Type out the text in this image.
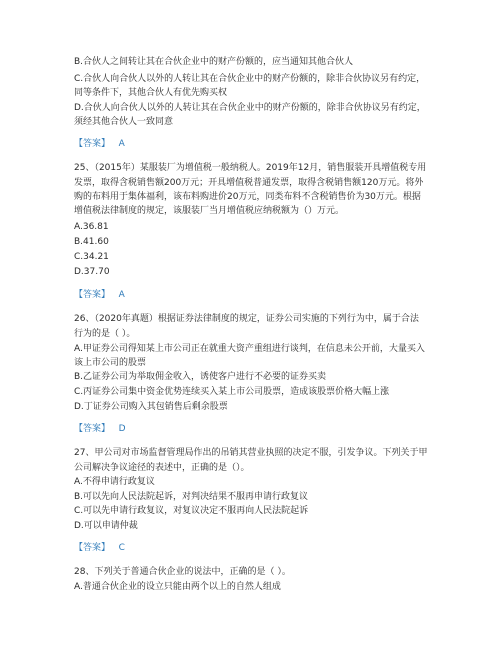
B.合伙人之间转让其在合伙企业中的财产份额的，应当通知其他合伙人

C.合伙人向合伙人以外的人转让其在合伙企业中的财产份额的，除非合伙协议另有约定，

同等条件下，其他合伙人有优先购买权

D.合伙人向合伙人以外的人转让其在合伙企业中的财产份额的，除非合伙协议另有约定，

须经其他合伙人一致同意

【答案】 A

25、（2015年）某服装厂为增值税一般纳税人。2019年12月，销售服装开具增值税专用

发票，取得含税销售额200万元；开具增值税普通发票，取得含税销售额120万元。将外

购的布料用于集体福利，该布料购进价20万元，同类布料不含税销售价为30万元。根据

增值税法律制度的规定，该服装厂当月增值税应纳税额为（）万元。

A.36.81

B.41.60

C.34.21

D.37.70

【答案】 A

26、（2020年真题）根据证券法律制度的规定，证券公司实施的下列行为中，属于合法

行为的是（ ）。

A.甲证券公司得知某上市公司正在就重大资产重组进行谈判，在信息未公开前，大量买入

该上市公司的股票

B.乙证券公司为举取佣金收入，诱使客户进行不必要的证券买卖

C.丙证券公司集中资金优势连续买入某上市公司股票，造成该股票价格大幅上涨

D.丁证券公司购入其包销售后剩余股票

【答案】 D

27、甲公司对市场监督管理局作出的吊销其营业执照的决定不服，引发争议。下列关于甲

公司解决争议途径的表述中，正确的是（）。

A.不得申请行政复议

B.可以先向人民法院起诉，对判决结果不服再申请行政复议

C.可以先申请行政复议，对复议决定不服再向人民法院起诉

D.可以申请仲裁

【答案】 C

28、下列关于普通合伙企业的说法中，正确的是（ ）。

A.普通合伙企业的设立只能由两个以上的自然人组成
